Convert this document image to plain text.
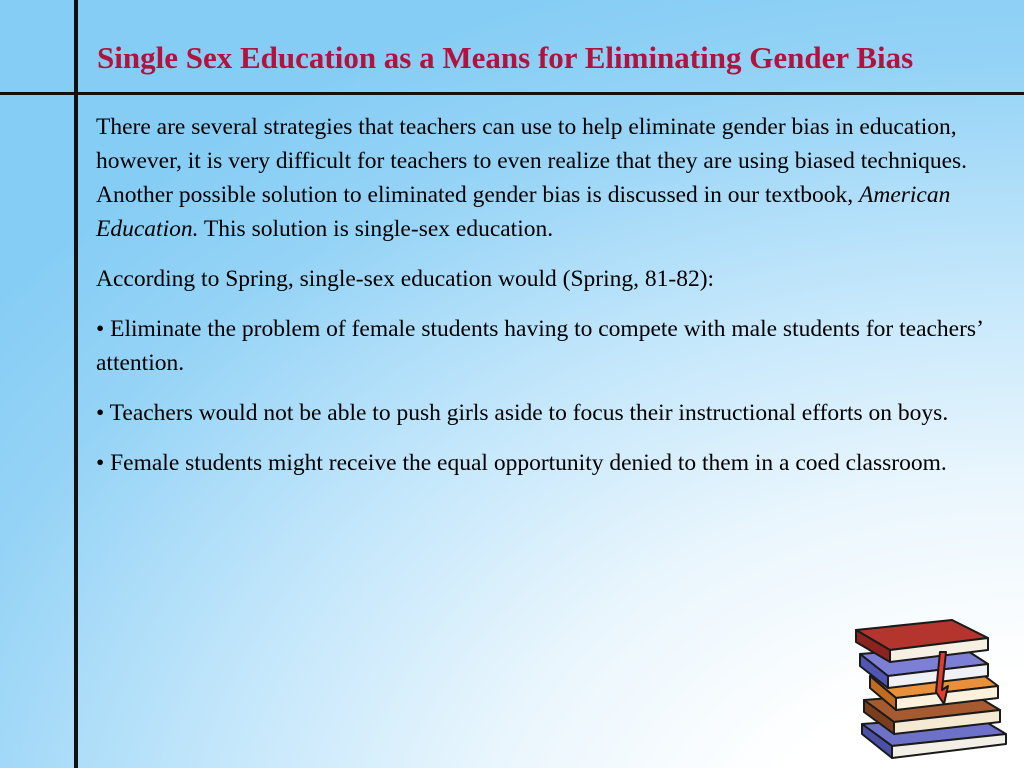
Single Sex Education as a Means for Eliminating Gender Bias

There are several strategies that teachers can use to help eliminate gender bias in education, however, it is very difficult for teachers to even realize that they are using biased techniques. Another possible solution to eliminated gender bias is discussed in our textbook, American Education. This solution is single-sex education.

According to Spring, single-sex education would (Spring, 81-82):

• Eliminate the problem of female students having to compete with male students for teachers’ attention.

• Teachers would not be able to push girls aside to focus their instructional efforts on boys.

• Female students might receive the equal opportunity denied to them in a coed classroom.
